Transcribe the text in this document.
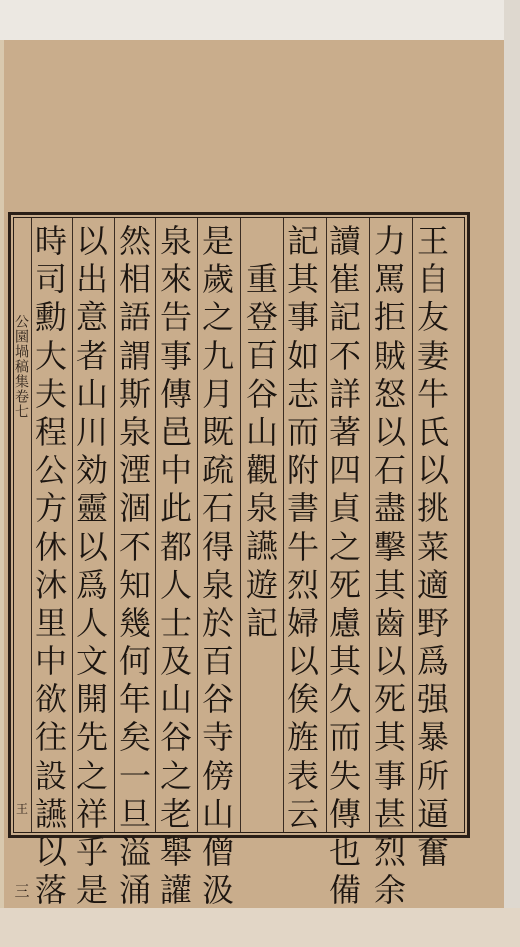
公園堝稿集卷七
王
三
王
自
友
妻
牛
氏
以
挑
菜
適
野
爲
强
暴
所
逼
奮
力
罵
拒
賊
怒
以
石
盡
擊
其
齒
以
死
其
事
甚
烈
余
讀
崔
記
不
詳
著
四
貞
之
死
慮
其
久
而
失
傳
也
備
記
其
事
如
志
而
附
書
牛
烈
婦
以
俟
旌
表
云
重
登
百
谷
山
觀
泉
讌
遊
記
是
歲
之
九
月
既
疏
石
得
泉
於
百
谷
寺
傍
山
僧
汲
泉
來
告
事
傳
邑
中
此
都
人
士
及
山
谷
之
老
舉
讙
然
相
語
謂
斯
泉
湮
涸
不
知
幾
何
年
矣
一
旦
溢
涌
以
出
意
者
山
川
効
靈
以
爲
人
文
開
先
之
祥
乎
是
時
司
勳
大
夫
程
公
方
休
沐
里
中
欲
往
設
讌
以
落
